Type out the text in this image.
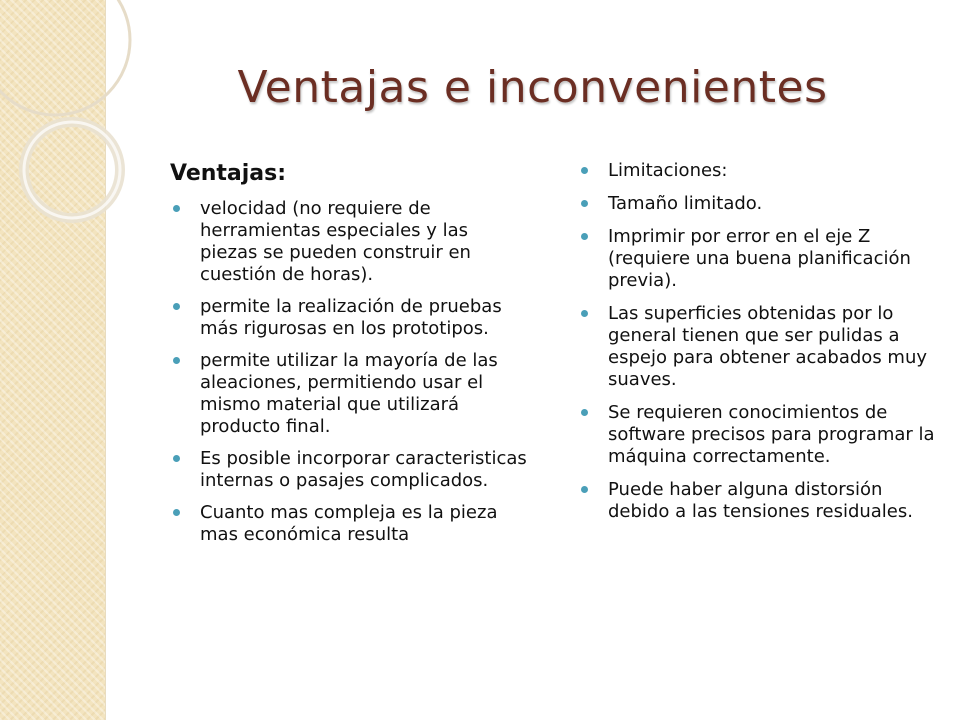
Ventajas e inconvenientes
Ventajas:
velocidad (no requiere de herramientas especiales y las piezas se pueden construir en cuestión de horas).
permite la realización de pruebas más rigurosas en los prototipos.
permite utilizar la mayoría de las aleaciones, permitiendo usar el mismo material que utilizará producto final.
Es posible incorporar caracteristicas internas o pasajes complicados.
Cuanto mas compleja es la pieza mas económica resulta
Limitaciones:
Tamaño limitado.
Imprimir por error en el eje Z (requiere una buena planificación previa).
Las superficies obtenidas por lo general tienen que ser pulidas a espejo para obtener acabados muy suaves.
Se requieren conocimientos de software precisos para programar la máquina correctamente.
Puede haber alguna distorsión debido a las tensiones residuales.
